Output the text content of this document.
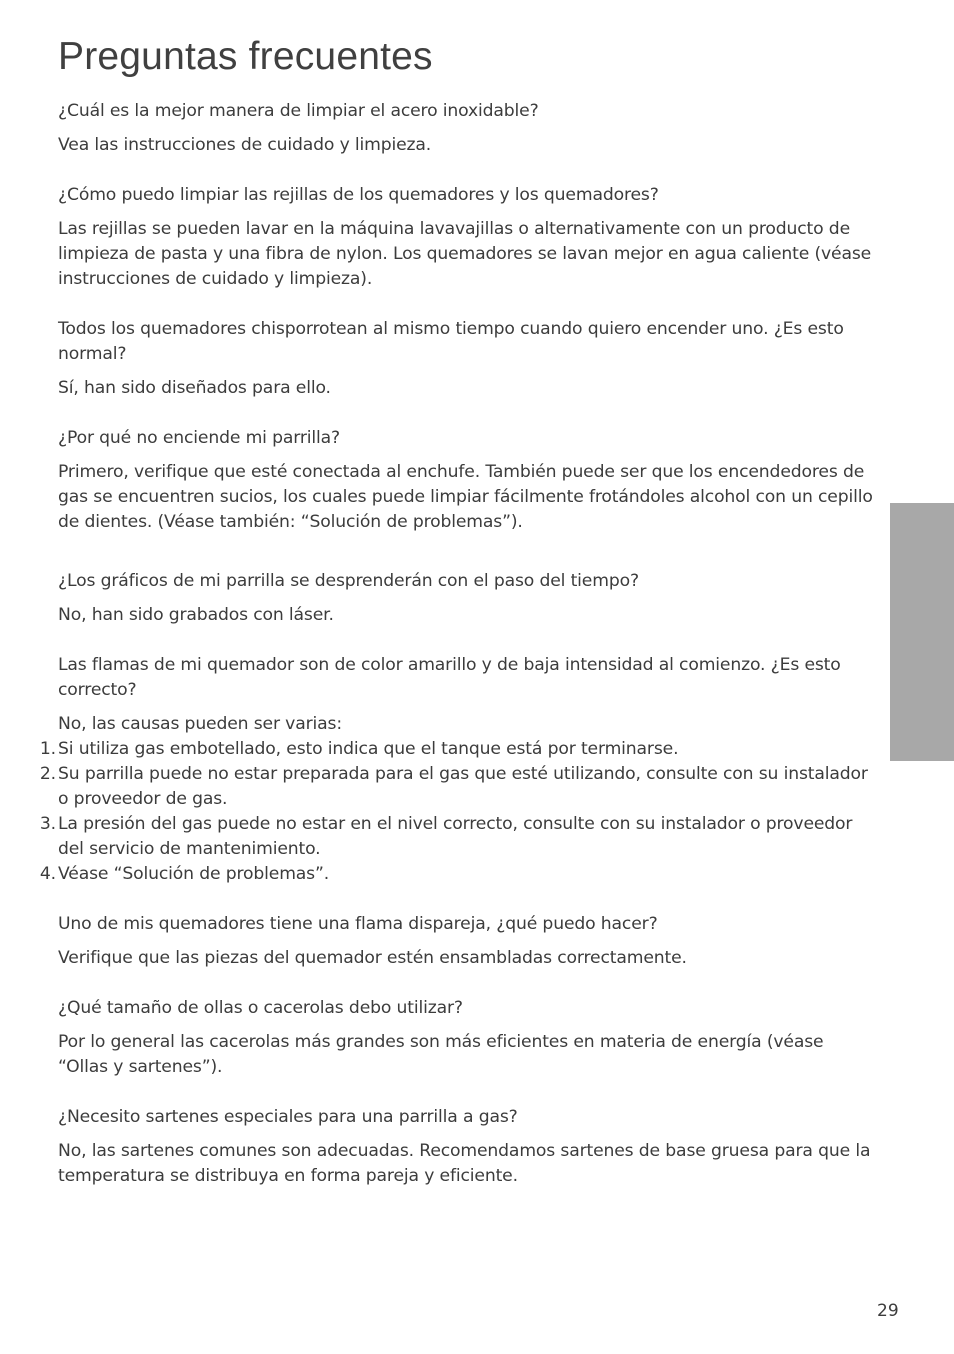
Preguntas frecuentes

¿Cuál es la mejor manera de limpiar el acero inoxidable?

Vea las instrucciones de cuidado y limpieza.

¿Cómo puedo limpiar las rejillas de los quemadores y los quemadores?

Las rejillas se pueden lavar en la máquina lavavajillas o alternativamente con un producto de limpieza de pasta y una fibra de nylon. Los quemadores se lavan mejor en agua caliente (véase instrucciones de cuidado y limpieza).

Todos los quemadores chisporrotean al mismo tiempo cuando quiero encender uno. ¿Es esto normal?

Sí, han sido diseñados para ello.

¿Por qué no enciende mi parrilla?

Primero, verifique que esté conectada al enchufe. También puede ser que los encendedores de gas se encuentren sucios, los cuales puede limpiar fácilmente frotándoles alcohol con un cepillo de dientes. (Véase también: “Solución de problemas”).

¿Los gráficos de mi parrilla se desprenderán con el paso del tiempo?

No, han sido grabados con láser.

Las flamas de mi quemador son de color amarillo y de baja intensidad al comienzo. ¿Es esto correcto?

No, las causas pueden ser varias:

1. Si utiliza gas embotellado, esto indica que el tanque está por terminarse.
2. Su parrilla puede no estar preparada para el gas que esté utilizando, consulte con su instalador o proveedor de gas.
3. La presión del gas puede no estar en el nivel correcto, consulte con su instalador o proveedor del servicio de mantenimiento.
4. Véase “Solución de problemas”.

Uno de mis quemadores tiene una flama dispareja, ¿qué puedo hacer?

Verifique que las piezas del quemador estén ensambladas correctamente.

¿Qué tamaño de ollas o cacerolas debo utilizar?

Por lo general las cacerolas más grandes son más eficientes en materia de energía (véase “Ollas y sartenes”).

¿Necesito sartenes especiales para una parrilla a gas?

No, las sartenes comunes son adecuadas. Recomendamos sartenes de base gruesa para que la temperatura se distribuya en forma pareja y eficiente.

29
